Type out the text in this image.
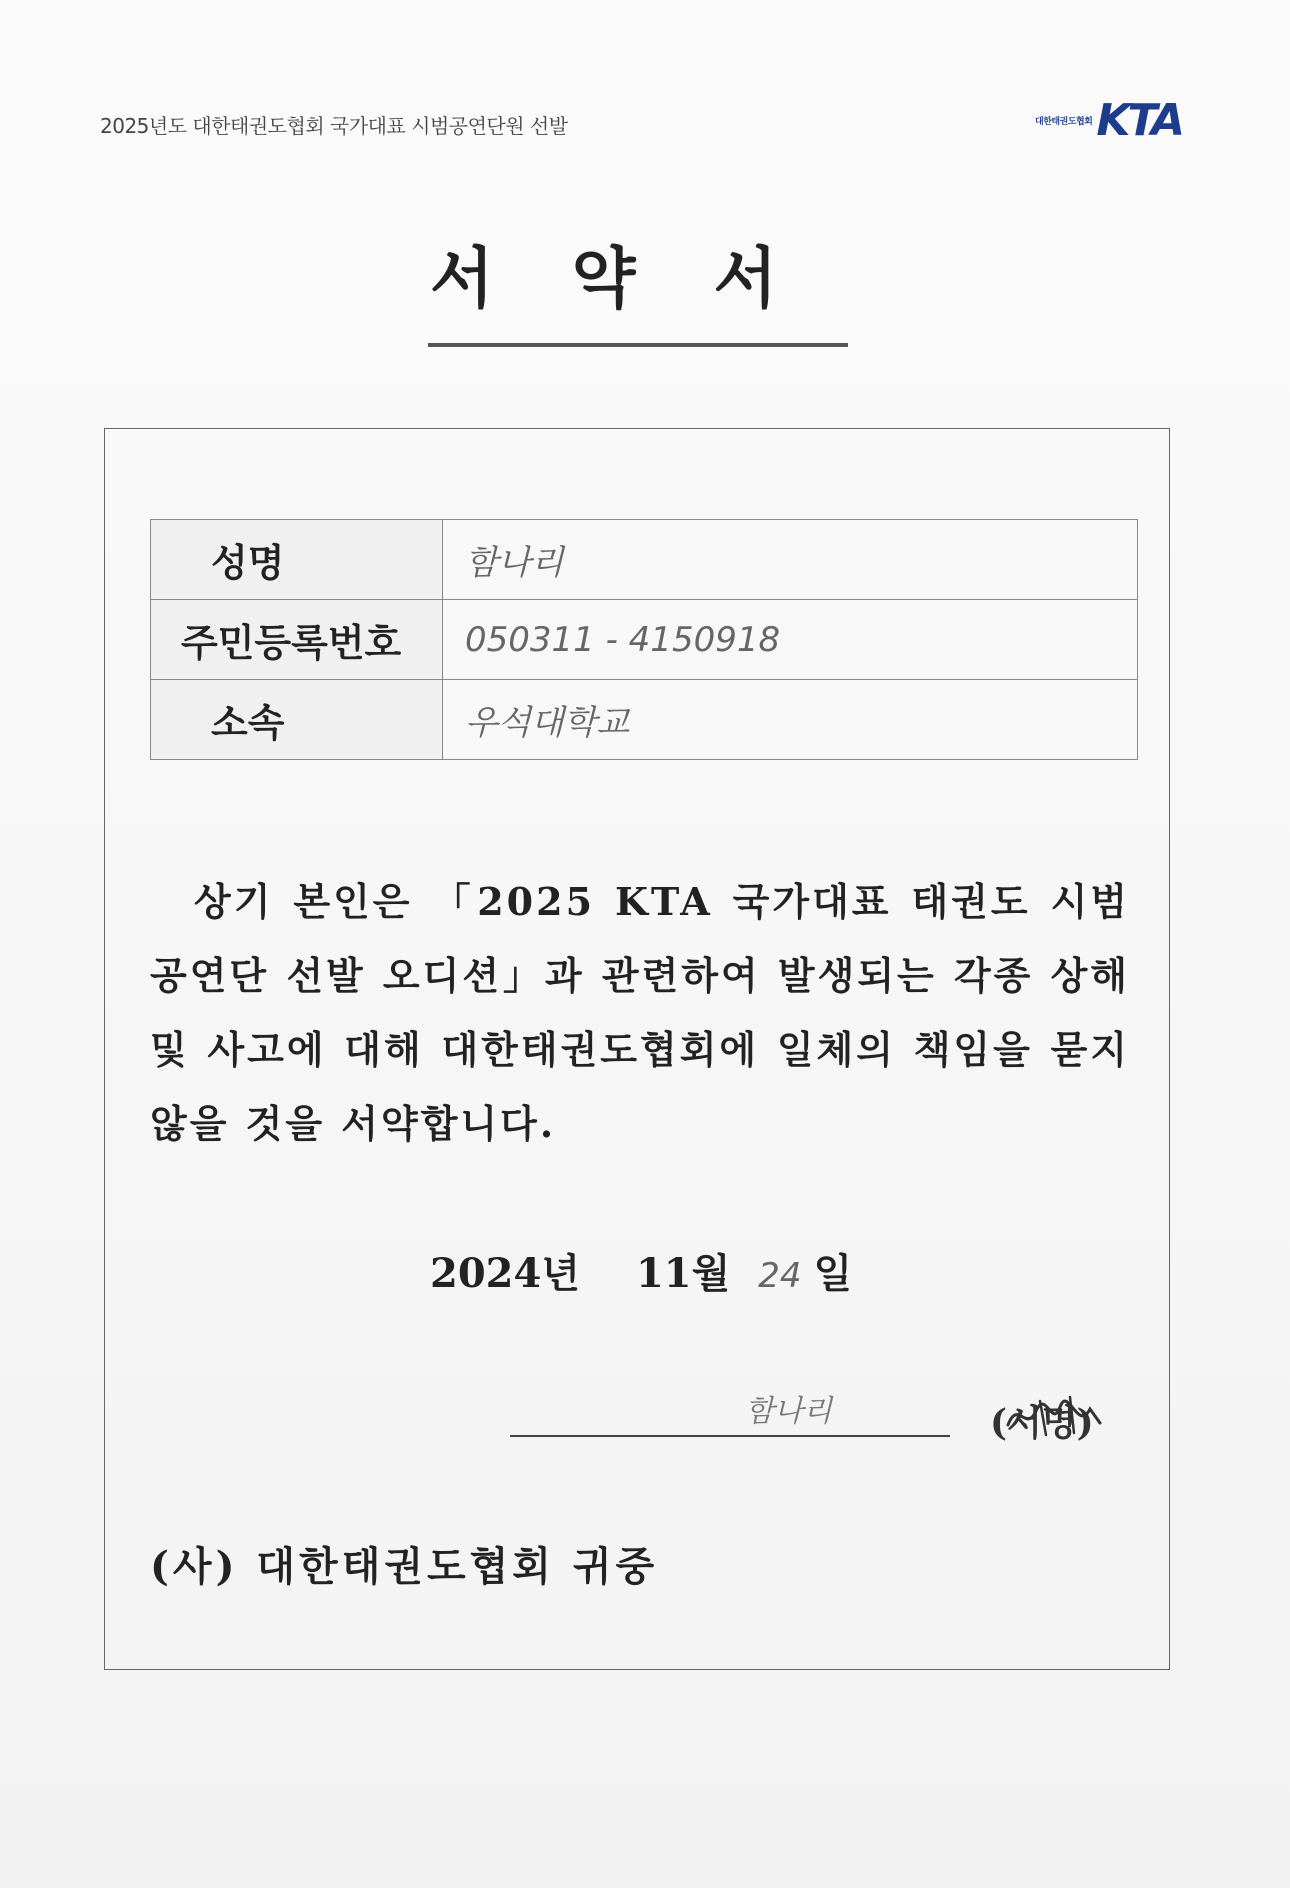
2025년도 대한태권도협회 국가대표 시범공연단원 선발	대한태권도협회 KTA
서약서
성명	함나리
주민등록번호	050311 - 4150918
소속	우석대학교
상기 본인은 「2025 KTA 국가대표 태권도 시범공연단 선발 오디션」과 관련하여 발생되는 각종 상해 및 사고에 대해 대한태권도협회에 일체의 책임을 묻지 않을 것을 서약합니다.
2024년 11월 24 일
함나리	(서명)
(사) 대한태권도협회 귀중
